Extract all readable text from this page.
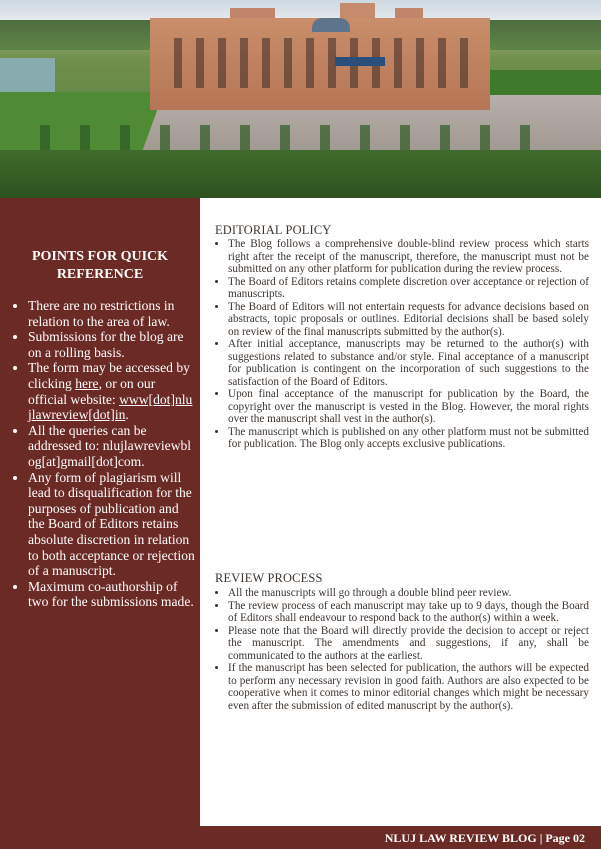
POINTS FOR QUICK REFERENCE
• There are no restrictions in relation to the area of law.
• Submissions for the blog are on a rolling basis.
• The form may be accessed by clicking here, or on our official website: www[dot]nlujlawreview[dot]in.
• All the queries can be addressed to: nlujlawreviewblog[at]gmail[dot]com.
• Any form of plagiarism will lead to disqualification for the purposes of publication and the Board of Editors retains absolute discretion in relation to both acceptance or rejection of a manuscript.
• Maximum co-authorship of two for the submissions made.
EDITORIAL POLICY
• The Blog follows a comprehensive double-blind review process which starts right after the receipt of the manuscript, therefore, the manuscript must not be submitted on any other platform for publication during the review process.
• The Board of Editors retains complete discretion over acceptance or rejection of manuscripts.
• The Board of Editors will not entertain requests for advance decisions based on abstracts, topic proposals or outlines. Editorial decisions shall be based solely on review of the final manuscripts submitted by the author(s).
• After initial acceptance, manuscripts may be returned to the author(s) with suggestions related to substance and/or style. Final acceptance of a manuscript for publication is contingent on the incorporation of such suggestions to the satisfaction of the Board of Editors.
• Upon final acceptance of the manuscript for publication by the Board, the copyright over the manuscript is vested in the Blog. However, the moral rights over the manuscript shall vest in the author(s).
• The manuscript which is published on any other platform must not be submitted for publication. The Blog only accepts exclusive publications.
REVIEW PROCESS
• All the manuscripts will go through a double blind peer review.
• The review process of each manuscript may take up to 9 days, though the Board of Editors shall endeavour to respond back to the author(s) within a week.
• Please note that the Board will directly provide the decision to accept or reject the manuscript. The amendments and suggestions, if any, shall be communicated to the authors at the earliest.
• If the manuscript has been selected for publication, the authors will be expected to perform any necessary revision in good faith. Authors are also expected to be cooperative when it comes to minor editorial changes which might be necessary even after the submission of edited manuscript by the author(s).
NLUJ LAW REVIEW BLOG | Page 02
